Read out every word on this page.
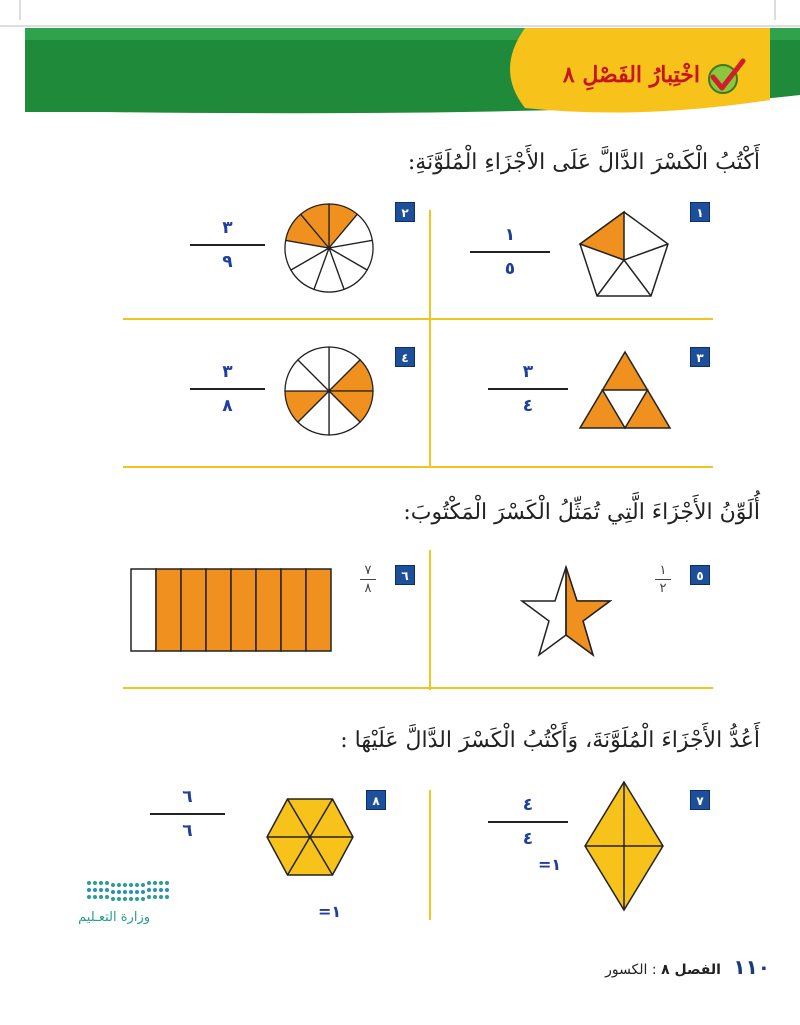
اخْتِبارُ الفَصْلِ ٨
أَكْتُبُ الْكَسْرَ الدَّالَّ عَلَى الأَجْزَاءِ الْمُلَوَّنَةِ:
١
١
٥
٢
٣
٩
٣
٣
٤
٤
٣
٨
أُلَوِّنُ الأَجْزَاءَ الَّتِي تُمَثِّلُ الْكَسْرَ الْمَكْتُوبَ:
٥
١
٢
٦
٧
٨
أَعُدُّ الأَجْزَاءَ الْمُلَوَّنَةَ، وَأَكْتُبُ الْكَسْرَ الدَّالَّ عَلَيْهَا :
٧
٤
٤
=١
٨
٦
٦
=١
وزارة التعـليم
١١٠ الفصل ٨ : الكسور
